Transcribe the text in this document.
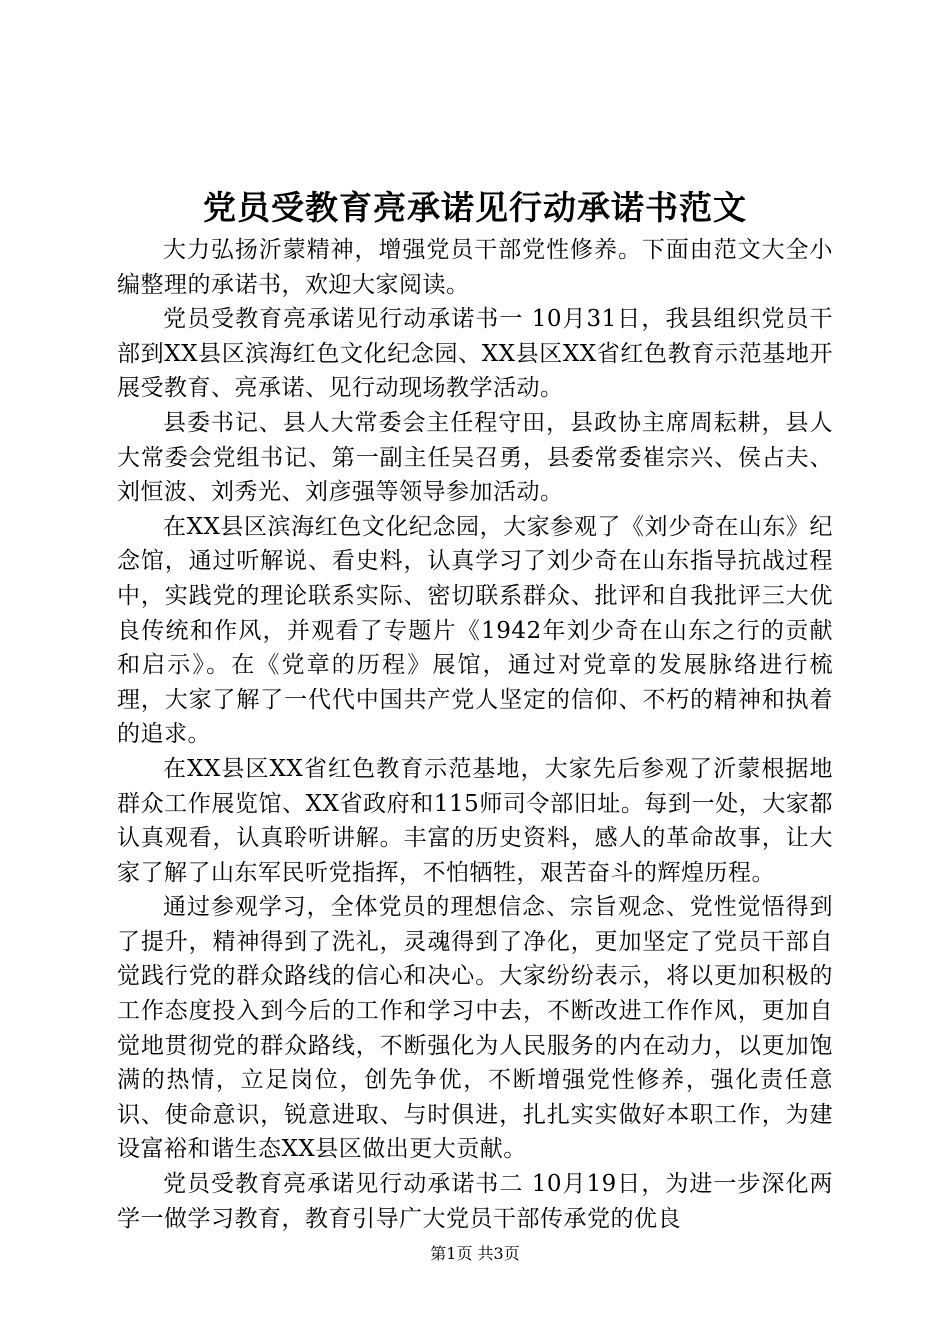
党员受教育亮承诺见行动承诺书范文

大力弘扬沂蒙精神，增强党员干部党性修养。下面由范文大全小编整理的承诺书，欢迎大家阅读。

党员受教育亮承诺见行动承诺书一 10月31日，我县组织党员干部到XX县区滨海红色文化纪念园、XX县区XX省红色教育示范基地开展受教育、亮承诺、见行动现场教学活动。

县委书记、县人大常委会主任程守田，县政协主席周耘耕，县人大常委会党组书记、第一副主任吴召勇，县委常委崔宗兴、侯占夫、刘恒波、刘秀光、刘彦强等领导参加活动。

在XX县区滨海红色文化纪念园，大家参观了《刘少奇在山东》纪念馆，通过听解说、看史料，认真学习了刘少奇在山东指导抗战过程中，实践党的理论联系实际、密切联系群众、批评和自我批评三大优良传统和作风，并观看了专题片《1942年刘少奇在山东之行的贡献和启示》。在《党章的历程》展馆，通过对党章的发展脉络进行梳理，大家了解了一代代中国共产党人坚定的信仰、不朽的精神和执着的追求。

在XX县区XX省红色教育示范基地，大家先后参观了沂蒙根据地群众工作展览馆、XX省政府和115师司令部旧址。每到一处，大家都认真观看，认真聆听讲解。丰富的历史资料，感人的革命故事，让大家了解了山东军民听党指挥，不怕牺牲，艰苦奋斗的辉煌历程。

通过参观学习，全体党员的理想信念、宗旨观念、党性觉悟得到了提升，精神得到了洗礼，灵魂得到了净化，更加坚定了党员干部自觉践行党的群众路线的信心和决心。大家纷纷表示，将以更加积极的工作态度投入到今后的工作和学习中去，不断改进工作作风，更加自觉地贯彻党的群众路线，不断强化为人民服务的内在动力，以更加饱满的热情，立足岗位，创先争优，不断增强党性修养，强化责任意识、使命意识，锐意进取、与时俱进，扎扎实实做好本职工作，为建设富裕和谐生态XX县区做出更大贡献。

党员受教育亮承诺见行动承诺书二 10月19日，为进一步深化两学一做学习教育，教育引导广大党员干部传承党的优良

第1页 共3页
